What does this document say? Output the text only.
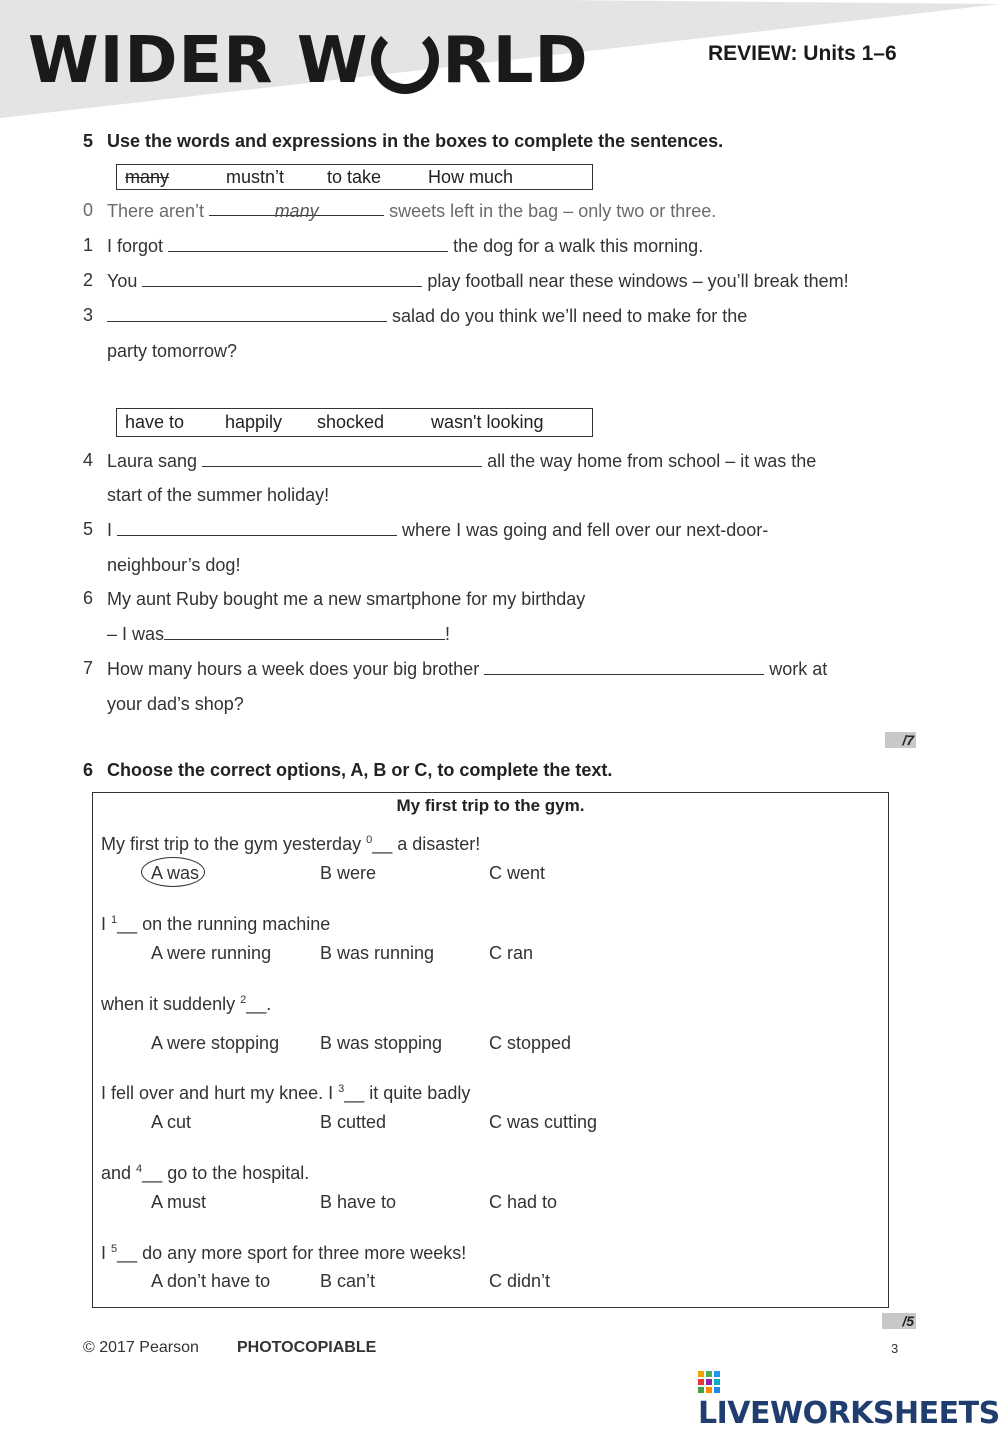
WIDER W RLD	REVIEW: Units 1–6
5 Use the words and expressions in the boxes to complete the sentences.
many	mustn’t to take	How much
0 There aren’t	many	sweets left in the bag – only two or three.
1 I forgot	the dog for a walk this morning.
2 You	play football near these windows – you’ll break them!
3	salad do you think we’ll need to make for the
party tomorrow?
have to happily shocked	wasn't looking
4 Laura sang	all the way home from school – it was the
start of the summer holiday!
5 I	where I was going and fell over our next-door-
neighbour’s dog!
6 My aunt Ruby bought me a new smartphone for my birthday
– I was	!
7 How many hours a week does your big brother	work at
your dad’s shop?
/7
6 Choose the correct options, A, B or C, to complete the text.
My first trip to the gym.
My first trip to the gym yesterday $^0$__ a disaster!
A was	B were	C went
I $^1$__ on the running machine
A were running	B was running	C ran
when it suddenly $^2$__.
A were stopping B was stopping	C stopped
I fell over and hurt my knee. I $^3$__ it quite badly
A cut	B cutted	C was cutting
and $^4$__ go to the hospital.
A must	B have to	C had to
I $^5$__ do any more sport for three more weeks!
A don’t have to	B can’t	C didn’t
/5
© 2017 Pearson PHOTOCOPIABLE	3
LIVEWORKSHEETS
